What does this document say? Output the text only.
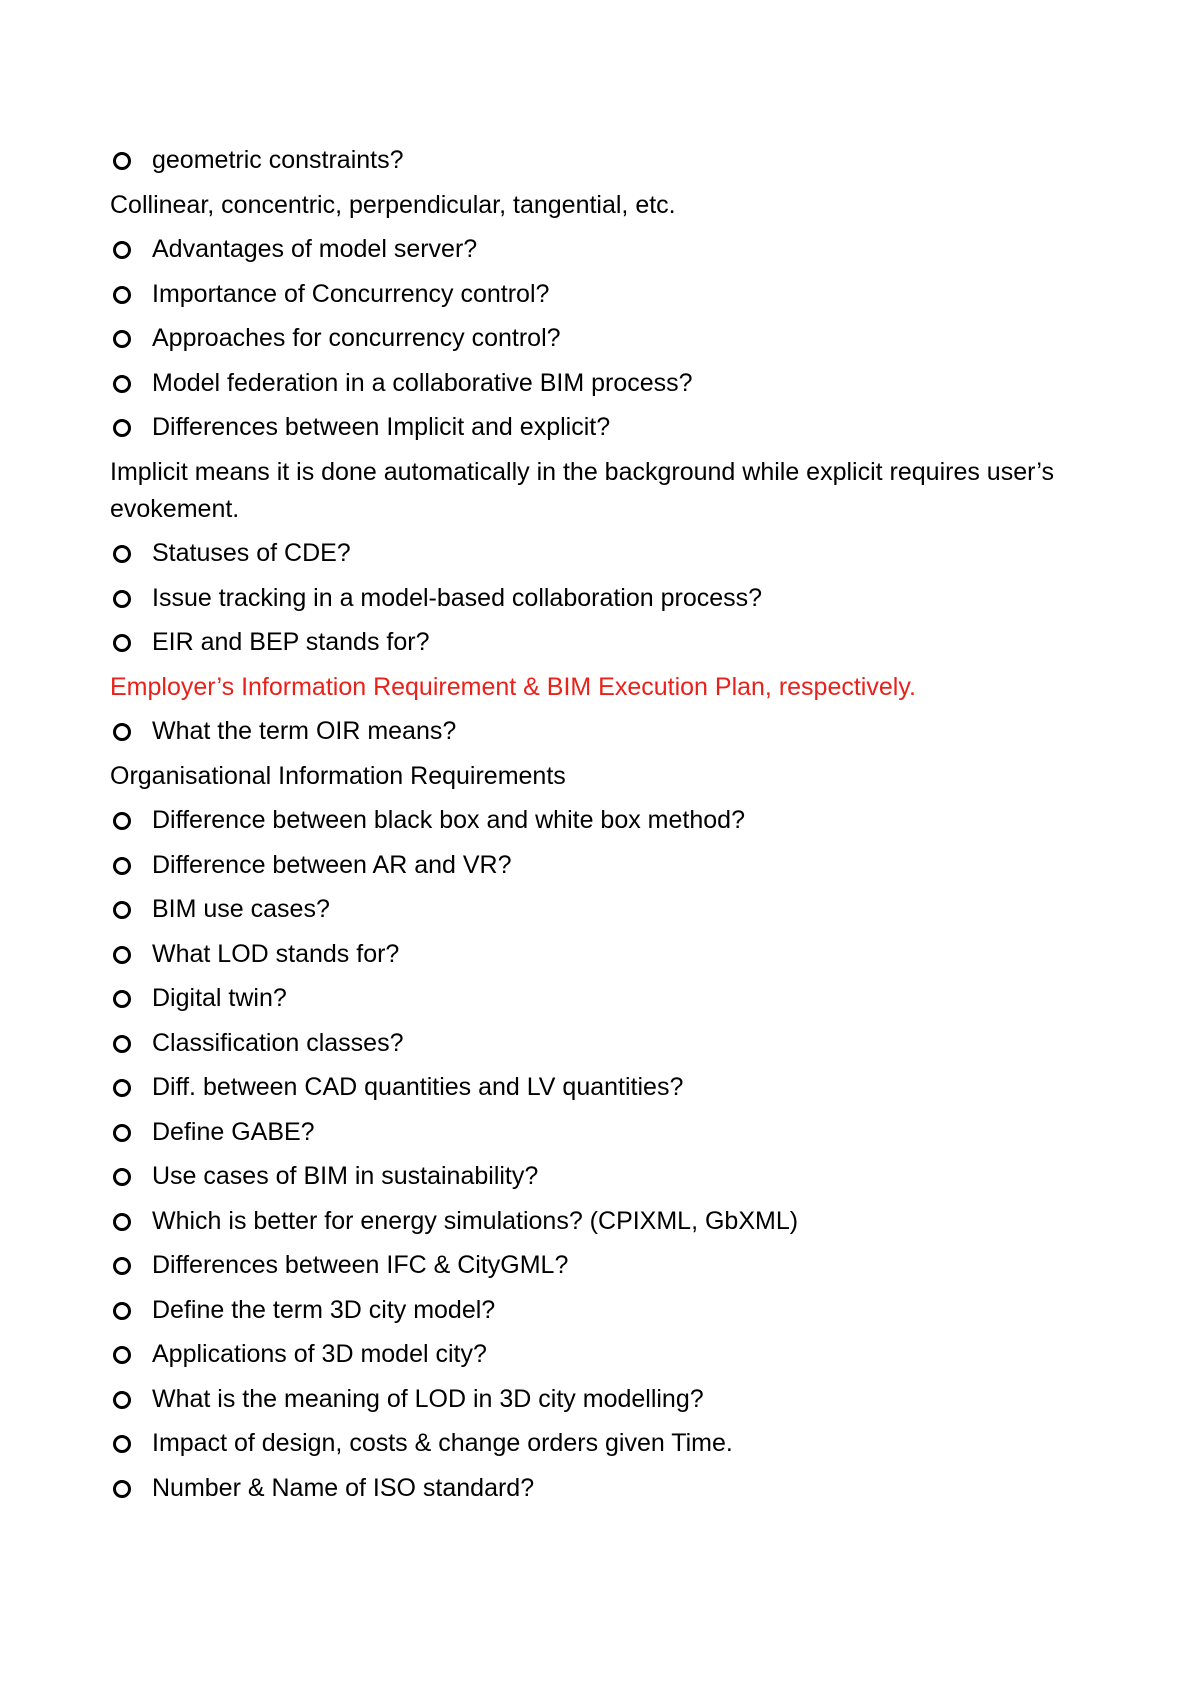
geometric constraints?
Collinear, concentric, perpendicular, tangential, etc.
Advantages of model server?
Importance of Concurrency control?
Approaches for concurrency control?
Model federation in a collaborative BIM process?
Differences between Implicit and explicit?
Implicit means it is done automatically in the background while explicit requires user’s evokement.
Statuses of CDE?
Issue tracking in a model-based collaboration process?
EIR and BEP stands for?
Employer’s Information Requirement & BIM Execution Plan, respectively.
What the term OIR means?
Organisational Information Requirements
Difference between black box and white box method?
Difference between AR and VR?
BIM use cases?
What LOD stands for?
Digital twin?
Classification classes?
Diff. between CAD quantities and LV quantities?
Define GABE?
Use cases of BIM in sustainability?
Which is better for energy simulations? (CPIXML, GbXML)
Differences between IFC & CityGML?
Define the term 3D city model?
Applications of 3D model city?
What is the meaning of LOD in 3D city modelling?
Impact of design, costs & change orders given Time.
Number & Name of ISO standard?
